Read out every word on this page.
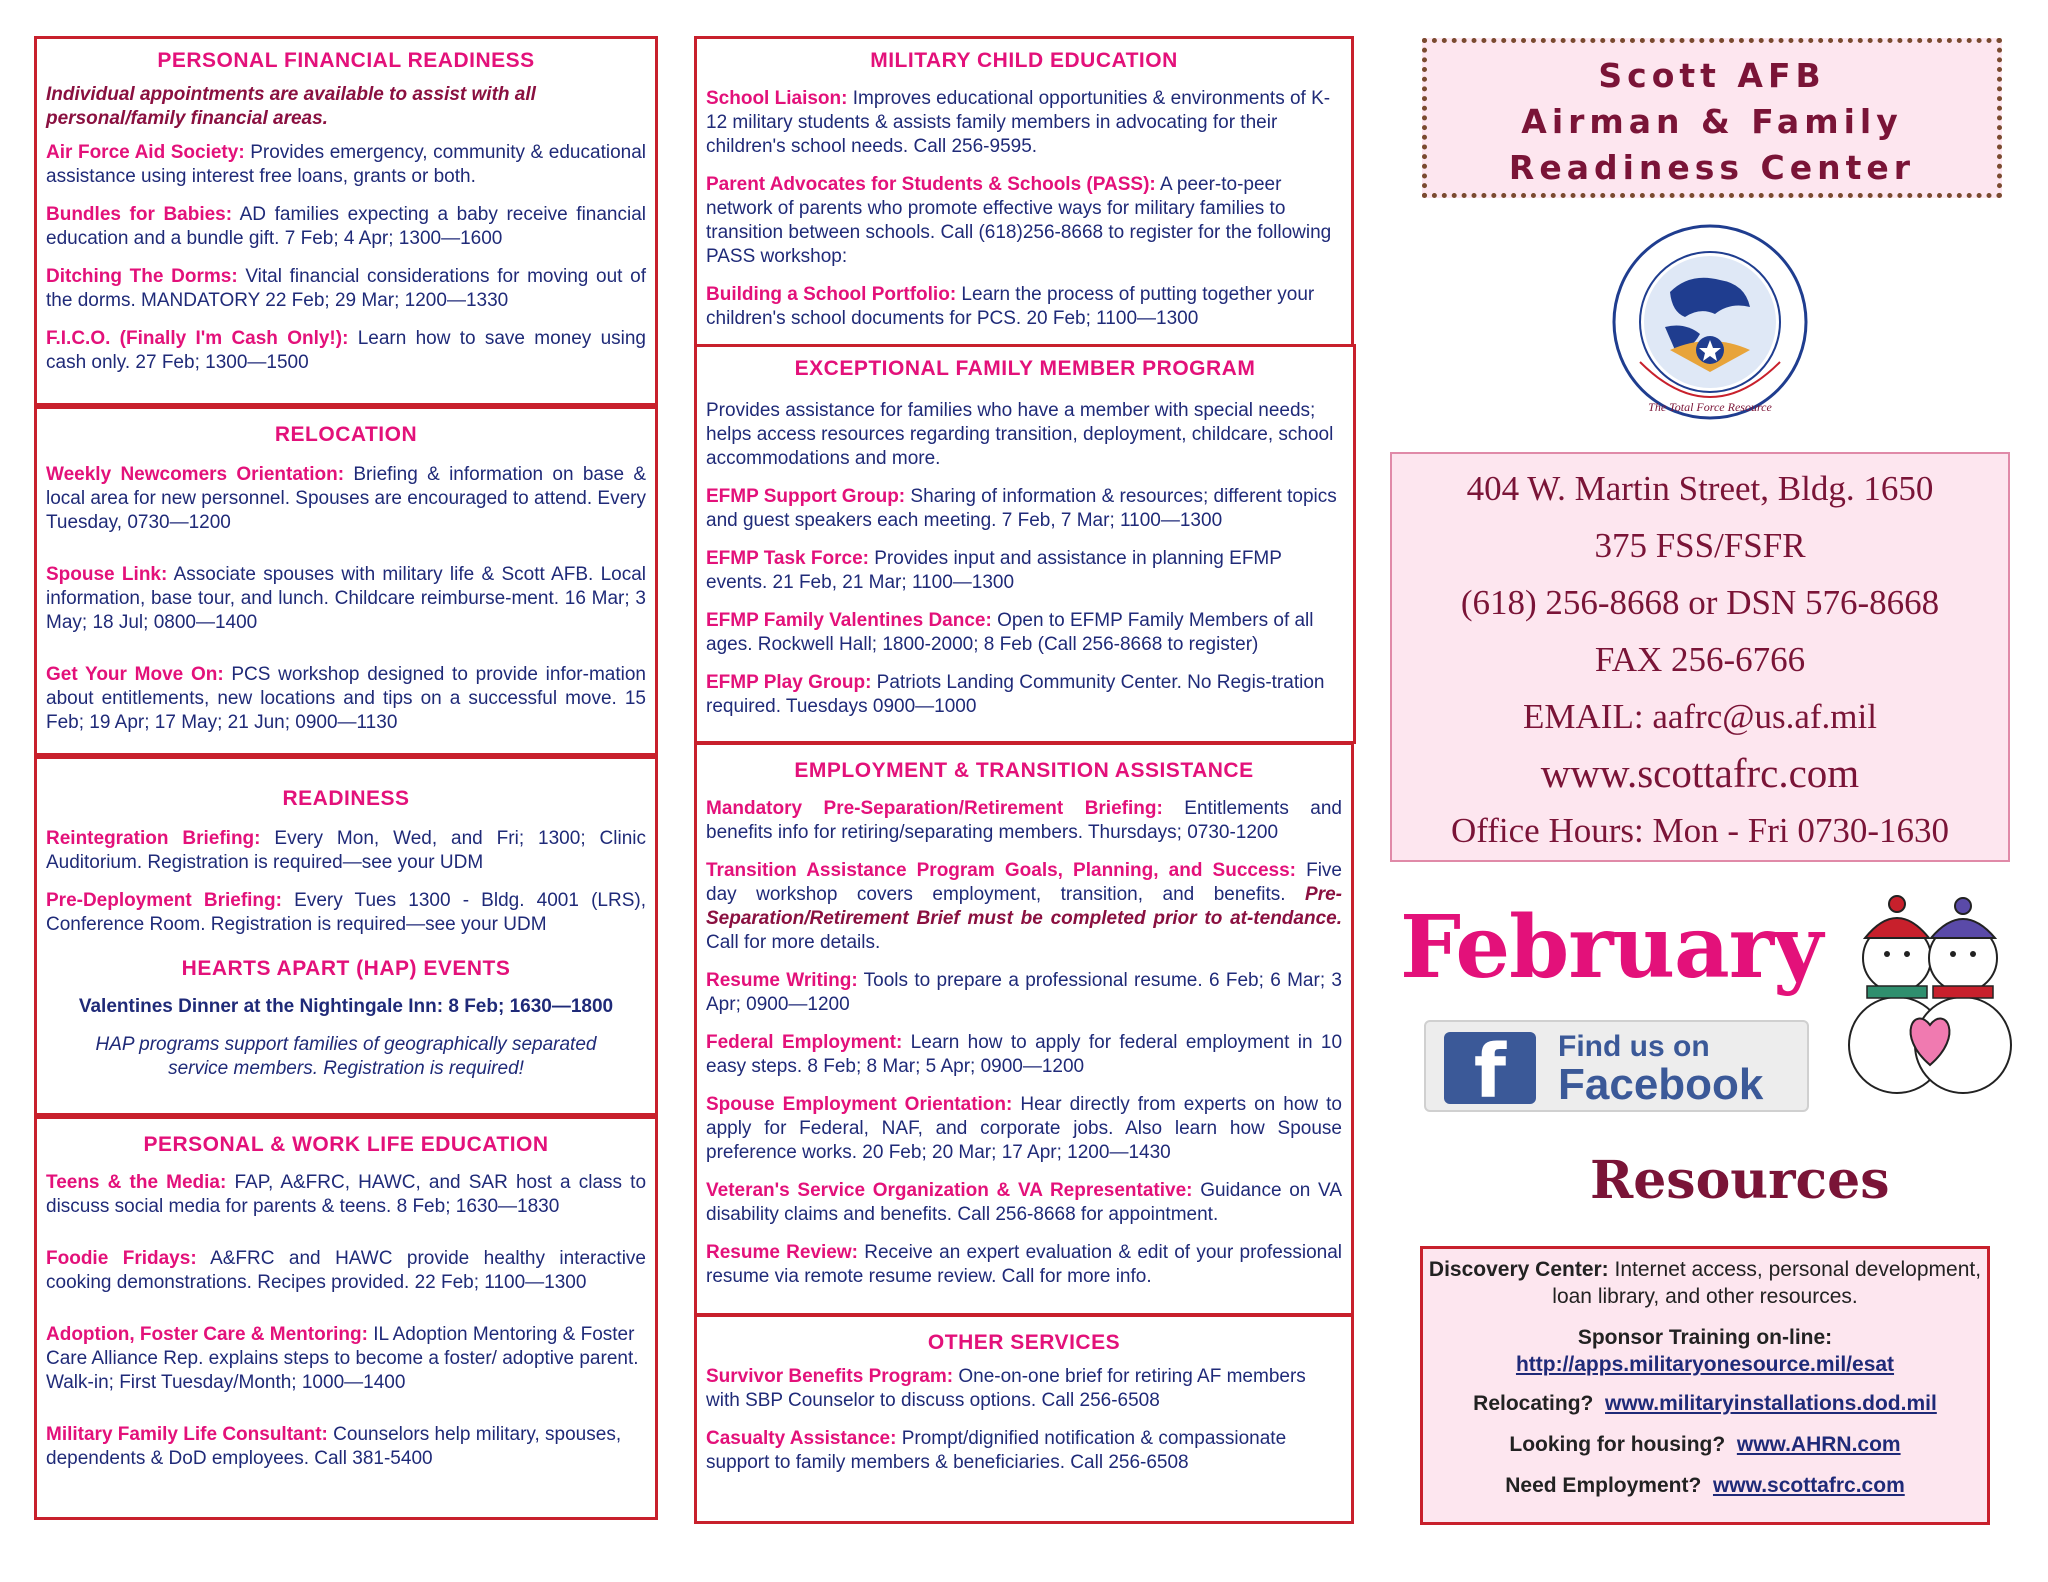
PERSONAL FINANCIAL READINESS
Individual appointments are available to assist with all personal/family financial areas.
Air Force Aid Society: Provides emergency, community & educational assistance using interest free loans, grants or both.
Bundles for Babies: AD families expecting a baby receive financial education and a bundle gift. 7 Feb; 4 Apr; 1300—1600
Ditching The Dorms: Vital financial considerations for moving out of the dorms. MANDATORY 22 Feb; 29 Mar; 1200—1330
F.I.C.O. (Finally I'm Cash Only!): Learn how to save money using cash only. 27 Feb; 1300—1500
RELOCATION
Weekly Newcomers Orientation: Briefing & information on base & local area for new personnel. Spouses are encouraged to attend. Every Tuesday, 0730—1200
Spouse Link: Associate spouses with military life & Scott AFB. Local information, base tour, and lunch. Childcare reimburse-ment. 16 Mar; 3 May; 18 Jul; 0800—1400
Get Your Move On: PCS workshop designed to provide infor-mation about entitlements, new locations and tips on a successful move. 15 Feb; 19 Apr; 17 May; 21 Jun; 0900—1130
READINESS
Reintegration Briefing: Every Mon, Wed, and Fri; 1300; Clinic Auditorium. Registration is required—see your UDM
Pre-Deployment Briefing: Every Tues 1300 - Bldg. 4001 (LRS), Conference Room. Registration is required—see your UDM
HEARTS APART (HAP) EVENTS
Valentines Dinner at the Nightingale Inn: 8 Feb; 1630—1800
HAP programs support families of geographically separated service members. Registration is required!
PERSONAL & WORK LIFE EDUCATION
Teens & the Media: FAP, A&FRC, HAWC, and SAR host a class to discuss social media for parents & teens. 8 Feb; 1630—1830
Foodie Fridays: A&FRC and HAWC provide healthy interactive cooking demonstrations. Recipes provided. 22 Feb; 1100—1300
Adoption, Foster Care & Mentoring: IL Adoption Mentoring & Foster Care Alliance Rep. explains steps to become a foster/ adoptive parent. Walk-in; First Tuesday/Month; 1000—1400
Military Family Life Consultant: Counselors help military, spouses, dependents & DoD employees. Call 381-5400
MILITARY CHILD EDUCATION
School Liaison: Improves educational opportunities & environments of K-12 military students & assists family members in advocating for their children's school needs. Call 256-9595.
Parent Advocates for Students & Schools (PASS): A peer-to-peer network of parents who promote effective ways for military families to transition between schools. Call (618)256-8668 to register for the following PASS workshop:
Building a School Portfolio: Learn the process of putting together your children's school documents for PCS. 20 Feb; 1100—1300
EXCEPTIONAL FAMILY MEMBER PROGRAM
Provides assistance for families who have a member with special needs; helps access resources regarding transition, deployment, childcare, school accommodations and more.
EFMP Support Group: Sharing of information & resources; different topics and guest speakers each meeting. 7 Feb, 7 Mar; 1100—1300
EFMP Task Force: Provides input and assistance in planning EFMP events. 21 Feb, 21 Mar; 1100—1300
EFMP Family Valentines Dance: Open to EFMP Family Members of all ages. Rockwell Hall; 1800-2000; 8 Feb (Call 256-8668 to register)
EFMP Play Group: Patriots Landing Community Center. No Regis-tration required. Tuesdays 0900—1000
EMPLOYMENT & TRANSITION ASSISTANCE
Mandatory Pre-Separation/Retirement Briefing: Entitlements and benefits info for retiring/separating members. Thursdays; 0730-1200
Transition Assistance Program Goals, Planning, and Success: Five day workshop covers employment, transition, and benefits. Pre-Separation/Retirement Brief must be completed prior to at-tendance. Call for more details.
Resume Writing: Tools to prepare a professional resume. 6 Feb; 6 Mar; 3 Apr; 0900—1200
Federal Employment: Learn how to apply for federal employment in 10 easy steps. 8 Feb; 8 Mar; 5 Apr; 0900—1200
Spouse Employment Orientation: Hear directly from experts on how to apply for Federal, NAF, and corporate jobs. Also learn how Spouse preference works. 20 Feb; 20 Mar; 17 Apr; 1200—1430
Veteran's Service Organization & VA Representative: Guidance on VA disability claims and benefits. Call 256-8668 for appointment.
Resume Review: Receive an expert evaluation & edit of your professional resume via remote resume review. Call for more info.
OTHER SERVICES
Survivor Benefits Program: One-on-one brief for retiring AF members with SBP Counselor to discuss options. Call 256-6508
Casualty Assistance: Prompt/dignified notification & compassionate support to family members & beneficiaries. Call 256-6508
Scott AFB
Airman & Family
Readiness Center
The Total Force Resource
404 W. Martin Street, Bldg. 1650
375 FSS/FSFR
(618) 256-8668 or DSN 576-8668
FAX 256-6766
EMAIL: aafrc@us.af.mil
www.scottafrc.com
Office Hours: Mon - Fri 0730-1630
February
f	Find us on
Facebook
Resources

Discovery Center: Internet access, personal development, loan library, and other resources.

Sponsor Training on-line:
http://apps.militaryonesource.mil/esat

Relocating? www.militaryinstallations.dod.mil

Looking for housing? www.AHRN.com

Need Employment? www.scottafrc.com
